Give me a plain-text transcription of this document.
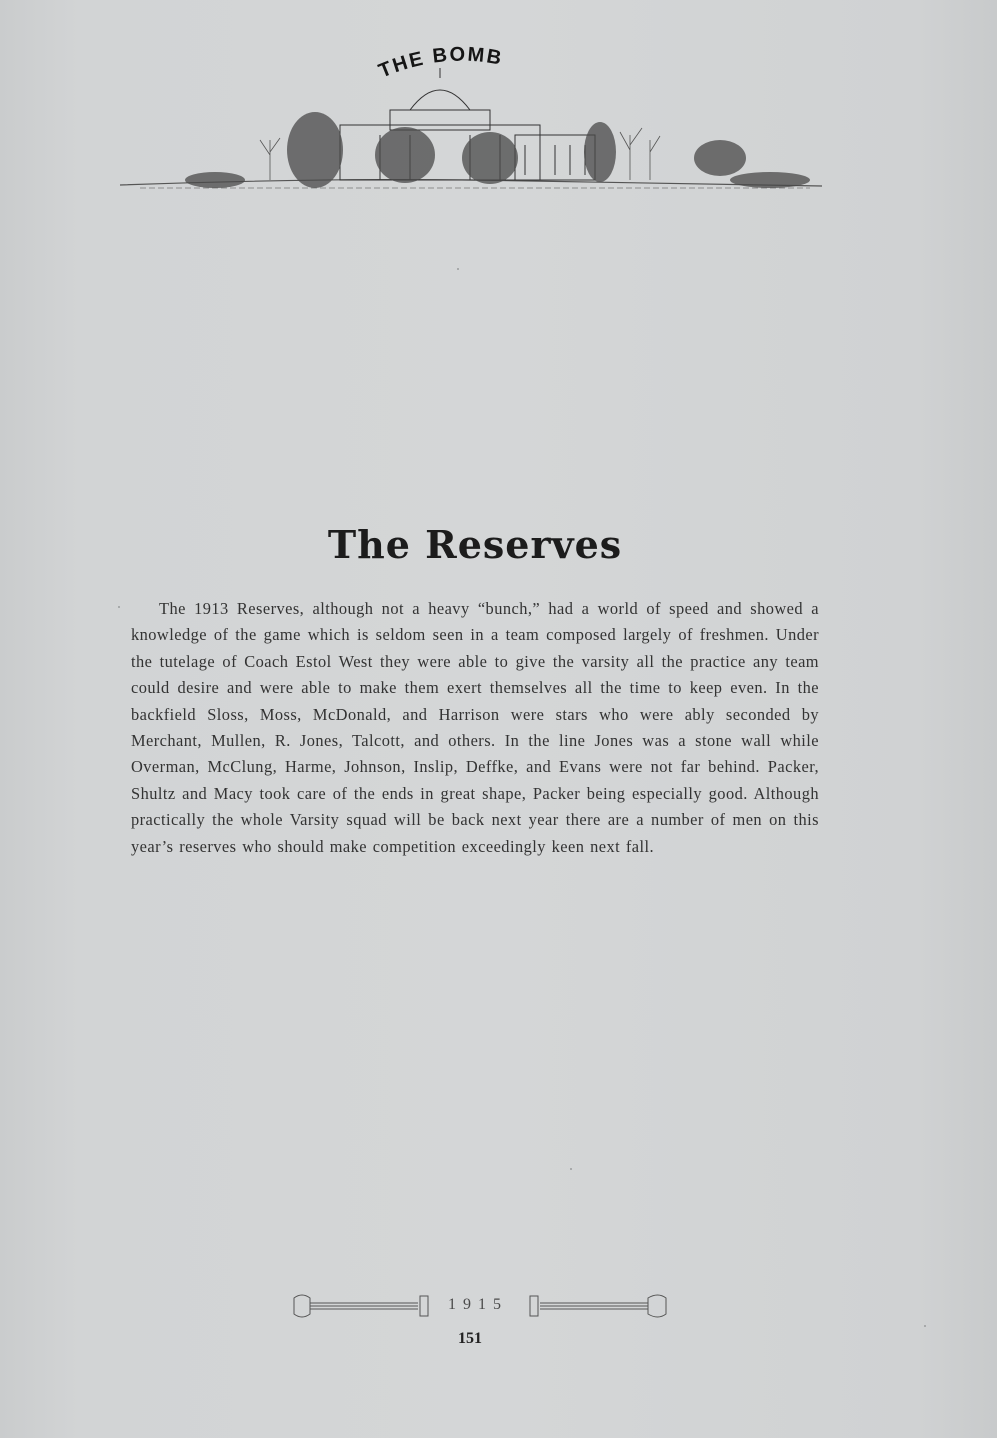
THE BOMB
The Reserves
The 1913 Reserves, although not a heavy “bunch,” had a world of speed and showed a knowledge of the game which is seldom seen in a team composed largely of freshmen. Under the tutelage of Coach Estol West they were able to give the varsity all the practice any team could desire and were able to make them exert themselves all the time to keep even. In the backfield Sloss, Moss, McDonald, and Harrison were stars who were ably seconded by Merchant, Mullen, R. Jones, Talcott, and others. In the line Jones was a stone wall while Overman, McClung, Harme, Johnson, Inslip, Deffke, and Evans were not far behind. Packer, Shultz and Macy took care of the ends in great shape, Packer being especially good. Although practically the whole Varsity squad will be back next year there are a number of men on this year’s reserves who should make competition exceedingly keen next fall.
1915
151
